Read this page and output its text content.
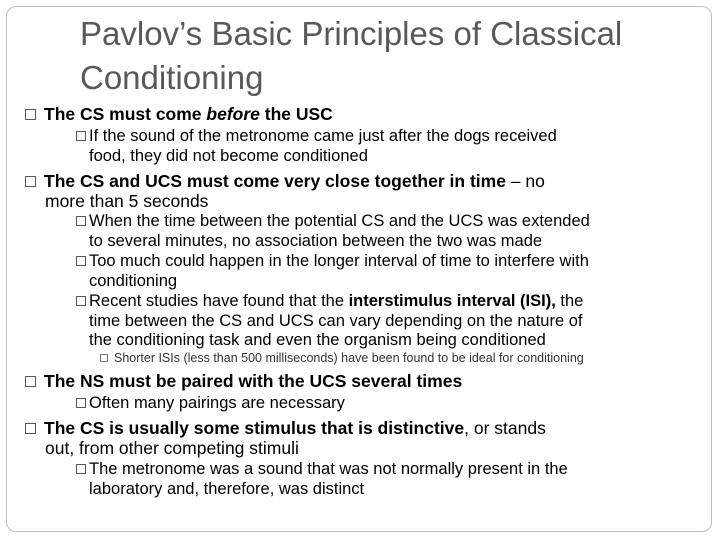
Pavlov’s Basic Principles of Classical Conditioning
The CS must come before the USC
If the sound of the metronome came just after the dogs received
food, they did not become conditioned
The CS and UCS must come very close together in time – no
more than 5 seconds
When the time between the potential CS and the UCS was extended
to several minutes, no association between the two was made
Too much could happen in the longer interval of time to interfere with
conditioning
Recent studies have found that the interstimulus interval (ISI), the
time between the CS and UCS can vary depending on the nature of
the conditioning task and even the organism being conditioned
Shorter ISIs (less than 500 milliseconds) have been found to be ideal for conditioning
The NS must be paired with the UCS several times
Often many pairings are necessary
The CS is usually some stimulus that is distinctive, or stands
out, from other competing stimuli
The metronome was a sound that was not normally present in the
laboratory and, therefore, was distinct
